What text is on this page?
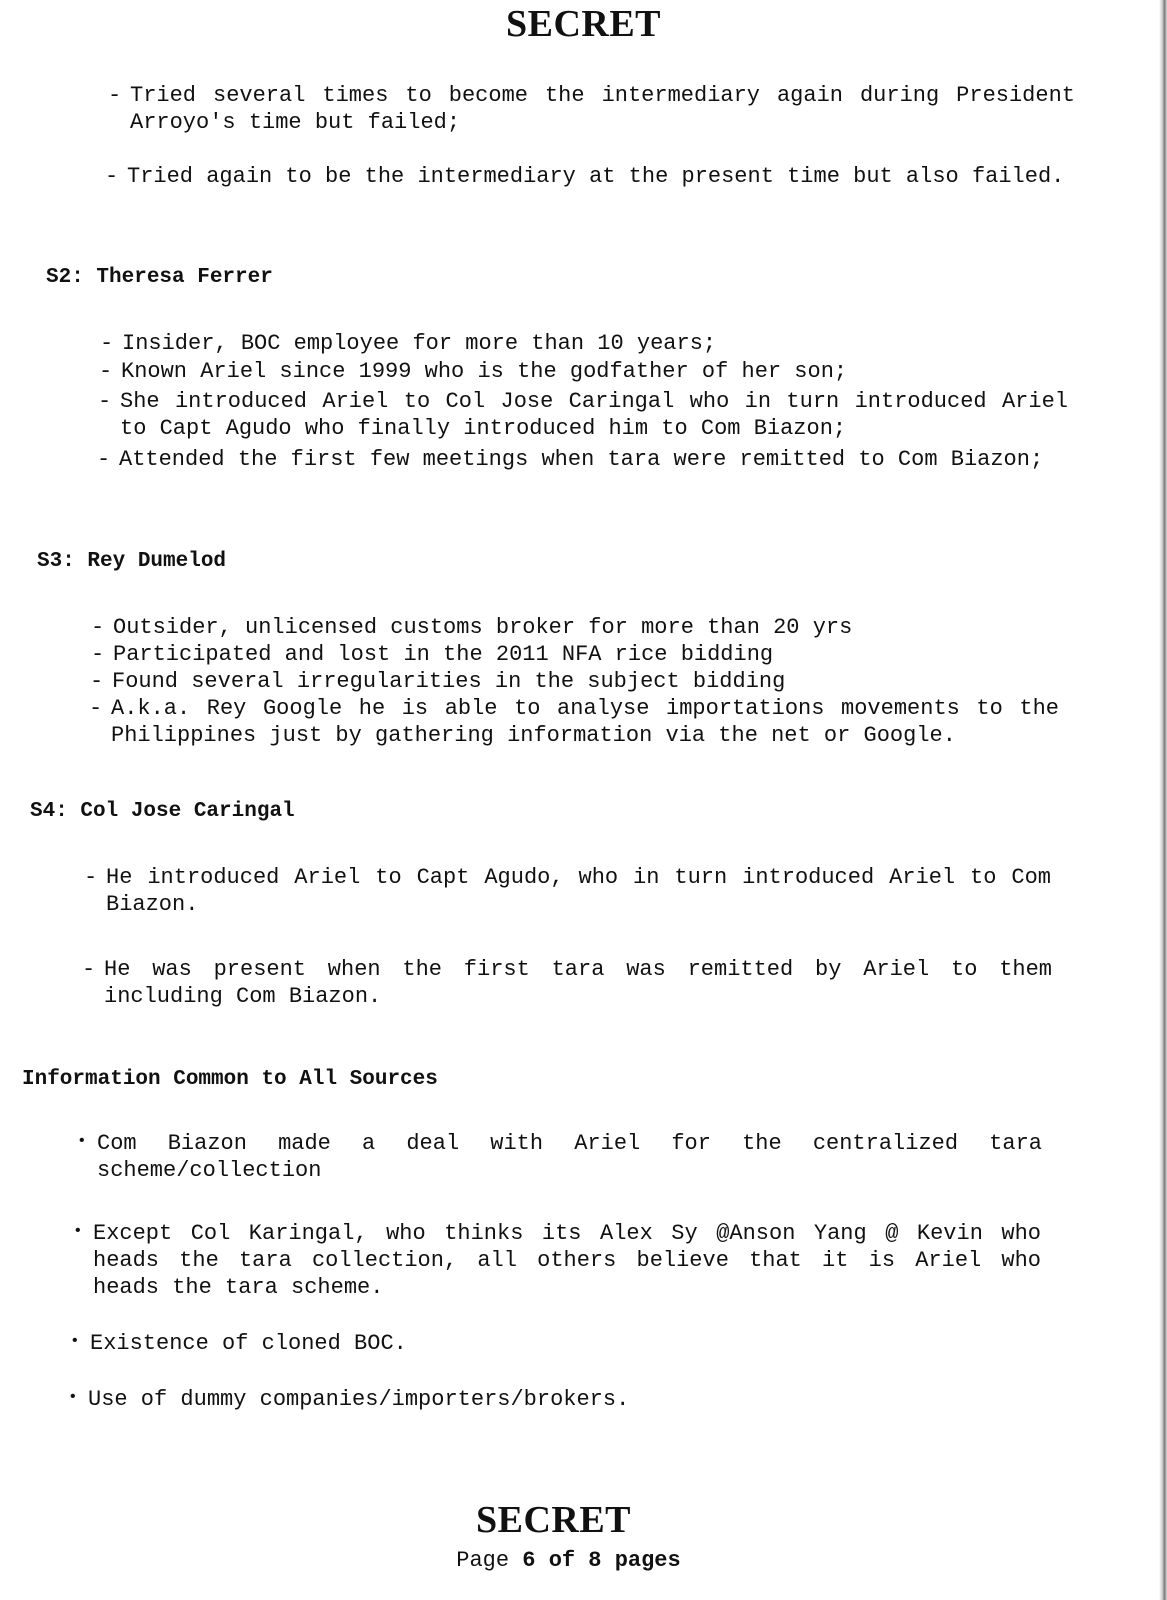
SECRET
- Tried several times to become the intermediary again during President Arroyo's time but failed;
- Tried again to be the intermediary at the present time but also failed.
S2: Theresa Ferrer
- Insider, BOC employee for more than 10 years;
- Known Ariel since 1999 who is the godfather of her son;
- She introduced Ariel to Col Jose Caringal who in turn introduced Ariel to Capt Agudo who finally introduced him to Com Biazon;
- Attended the first few meetings when tara were remitted to Com Biazon;
S3: Rey Dumelod
- Outsider, unlicensed customs broker for more than 20 yrs
- Participated and lost in the 2011 NFA rice bidding
- Found several irregularities in the subject bidding
- A.k.a. Rey Google he is able to analyse importations movements to the Philippines just by gathering information via the net or Google.
S4: Col Jose Caringal
- He introduced Ariel to Capt Agudo, who in turn introduced Ariel to Com Biazon.
- He was present when the first tara was remitted by Ariel to them including Com Biazon.
Information Common to All Sources
• Com Biazon made a deal with Ariel for the centralized tara scheme/collection
• Except Col Karingal, who thinks its Alex Sy @Anson Yang @ Kevin who heads the tara collection, all others believe that it is Ariel who heads the tara scheme.
• Existence of cloned BOC.
• Use of dummy companies/importers/brokers.
SECRET
Page 6 of 8 pages
